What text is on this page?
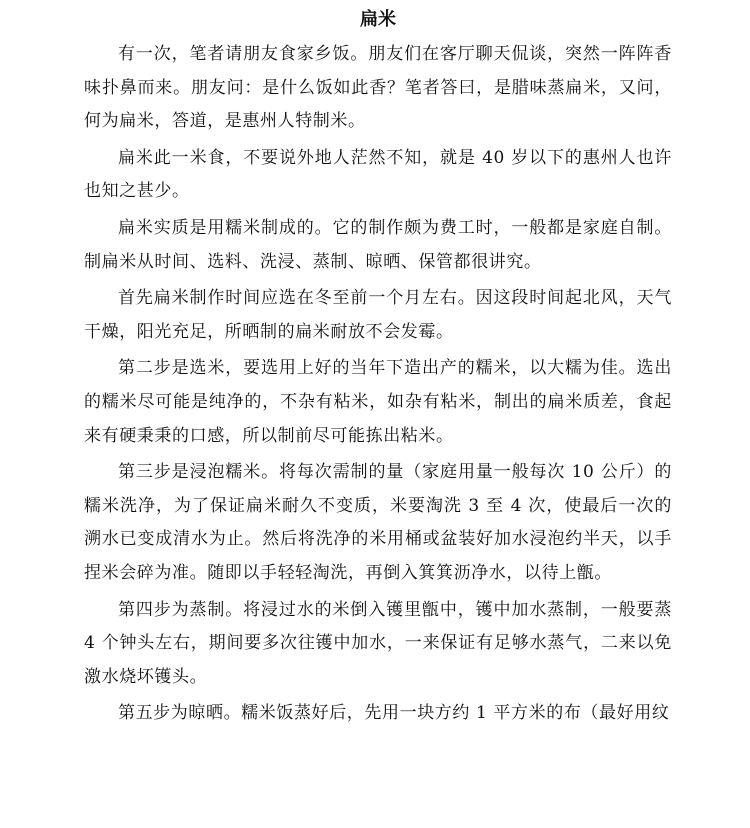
扁米

有一次，笔者请朋友食家乡饭。朋友们在客厅聊天侃谈，突然一阵阵香味扑鼻而来。朋友问：是什么饭如此香？笔者答曰，是腊味蒸扁米，又问，何为扁米，答道，是惠州人特制米。

扁米此一米食，不要说外地人茫然不知，就是 40 岁以下的惠州人也许也知之甚少。

扁米实质是用糯米制成的。它的制作颇为费工时，一般都是家庭自制。制扁米从时间、选料、洗浸、蒸制、晾晒、保管都很讲究。

首先扁米制作时间应选在冬至前一个月左右。因这段时间起北风，天气干燥，阳光充足，所晒制的扁米耐放不会发霉。

第二步是选米，要选用上好的当年下造出产的糯米，以大糯为佳。选出的糯米尽可能是纯净的，不杂有粘米，如杂有粘米，制出的扁米质差，食起来有硬秉秉的口感，所以制前尽可能拣出粘米。

第三步是浸泡糯米。将每次需制的量（家庭用量一般每次 10 公斤）的糯米洗净，为了保证扁米耐久不变质，米要淘洗 3 至 4 次，使最后一次的溯水已变成清水为止。然后将洗净的米用桶或盆装好加水浸泡约半天，以手捏米会碎为准。随即以手轻轻淘洗，再倒入箕箕沥净水，以待上甑。

第四步为蒸制。将浸过水的米倒入镬里甑中，镬中加水蒸制，一般要蒸 4 个钟头左右，期间要多次往镬中加水，一来保证有足够水蒸气，二来以免激水烧坏镬头。

第五步为晾晒。糯米饭蒸好后，先用一块方约 1 平方米的布（最好用纹
